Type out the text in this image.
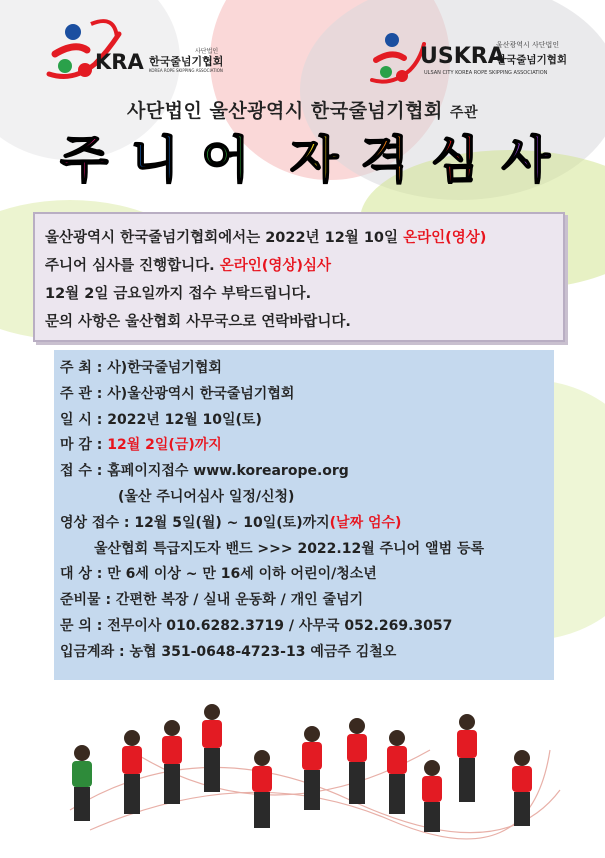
KRA	사단법인
한국줄넘기협회
KOREA ROPE SKIPPING ASSOCIATION
USKRA
울산광역시 사단법인
한국줄넘기협회
ULSAN CITY KOREA ROPE SKIPPING ASSOCIATION
사단법인 울산광역시 한국줄넘기협회 주관
주 니 어 자 격 심 사

울산광역시 한국줄넘기협회에서는 2022년 12월 10일 온라인(영상)

주니어 심사를 진행합니다. 온라인(영상)심사

12월 2일 금요일까지 접수 부탁드립니다.

문의 사항은 울산협회 사무국으로 연락바랍니다.

주 최 : 사)한국줄넘기협회
주 관 : 사)울산광역시 한국줄넘기협회
일 시 : 2022년 12월 10일(토)
마 감 : 12월 2일(금)까지
접 수 : 홈페이지접수 www.korearope.org
(울산 주니어심사 일정/신청)
영상 접수 : 12월 5일(월) ~ 10일(토)까지(날짜 엄수)
울산협회 특급지도자 밴드 >>> 2022.12월 주니어 앨범 등록
대 상 : 만 6세 이상 ~ 만 16세 이하 어린이/청소년
준비물 : 간편한 복장 / 실내 운동화 / 개인 줄넘기
문 의 : 전무이사 010.6282.3719 / 사무국 052.269.3057
입금계좌 : 농협 351-0648-4723-13 예금주 김철오
